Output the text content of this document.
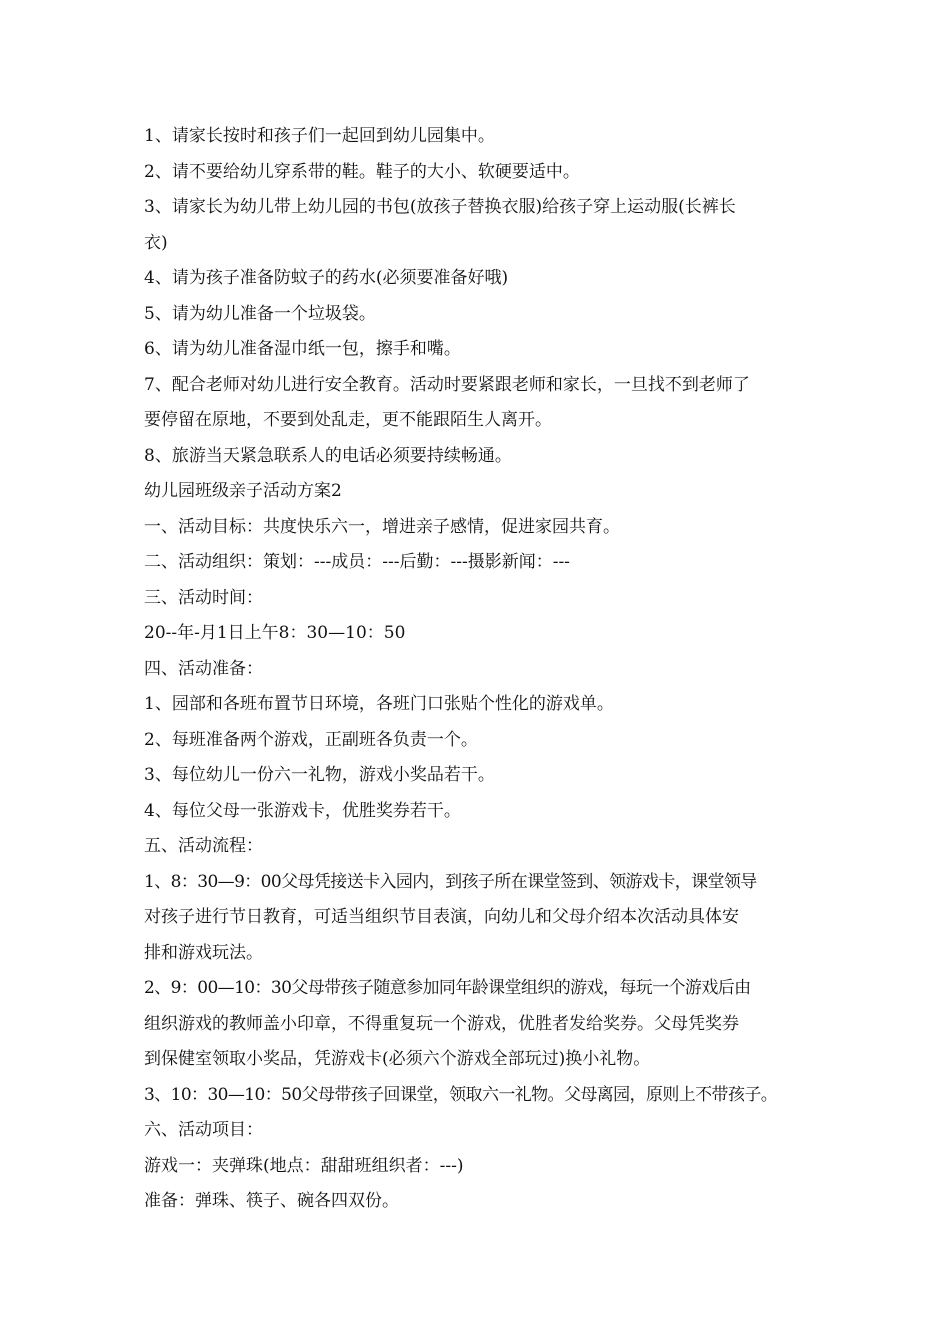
1、请家长按时和孩子们一起回到幼儿园集中。
2、请不要给幼儿穿系带的鞋。鞋子的大小、软硬要适中。
3、请家长为幼儿带上幼儿园的书包(放孩子替换衣服)给孩子穿上运动服(长裤长
衣)
4、请为孩子准备防蚊子的药水(必须要准备好哦)
5、请为幼儿准备一个垃圾袋。
6、请为幼儿准备湿巾纸一包，擦手和嘴。
7、配合老师对幼儿进行安全教育。活动时要紧跟老师和家长，一旦找不到老师了
要停留在原地，不要到处乱走，更不能跟陌生人离开。
8、旅游当天紧急联系人的电话必须要持续畅通。
幼儿园班级亲子活动方案2
一、活动目标：共度快乐六一，增进亲子感情，促进家园共育。
二、活动组织：策划：---成员：---后勤：---摄影新闻：---
三、活动时间：
20--年-月1日上午8：30—10：50
四、活动准备：
1、园部和各班布置节日环境，各班门口张贴个性化的游戏单。
2、每班准备两个游戏，正副班各负责一个。
3、每位幼儿一份六一礼物，游戏小奖品若干。
4、每位父母一张游戏卡，优胜奖券若干。
五、活动流程：
1、8：30—9：00父母凭接送卡入园内，到孩子所在课堂签到、领游戏卡，课堂领导
对孩子进行节日教育，可适当组织节目表演，向幼儿和父母介绍本次活动具体安
排和游戏玩法。
2、9：00—10：30父母带孩子随意参加同年龄课堂组织的游戏，每玩一个游戏后由
组织游戏的教师盖小印章，不得重复玩一个游戏，优胜者发给奖券。父母凭奖券
到保健室领取小奖品，凭游戏卡(必须六个游戏全部玩过)换小礼物。
3、10：30—10：50父母带孩子回课堂，领取六一礼物。父母离园，原则上不带孩子。
六、活动项目：
游戏一：夹弹珠(地点：甜甜班组织者：---)
准备：弹珠、筷子、碗各四双份。
